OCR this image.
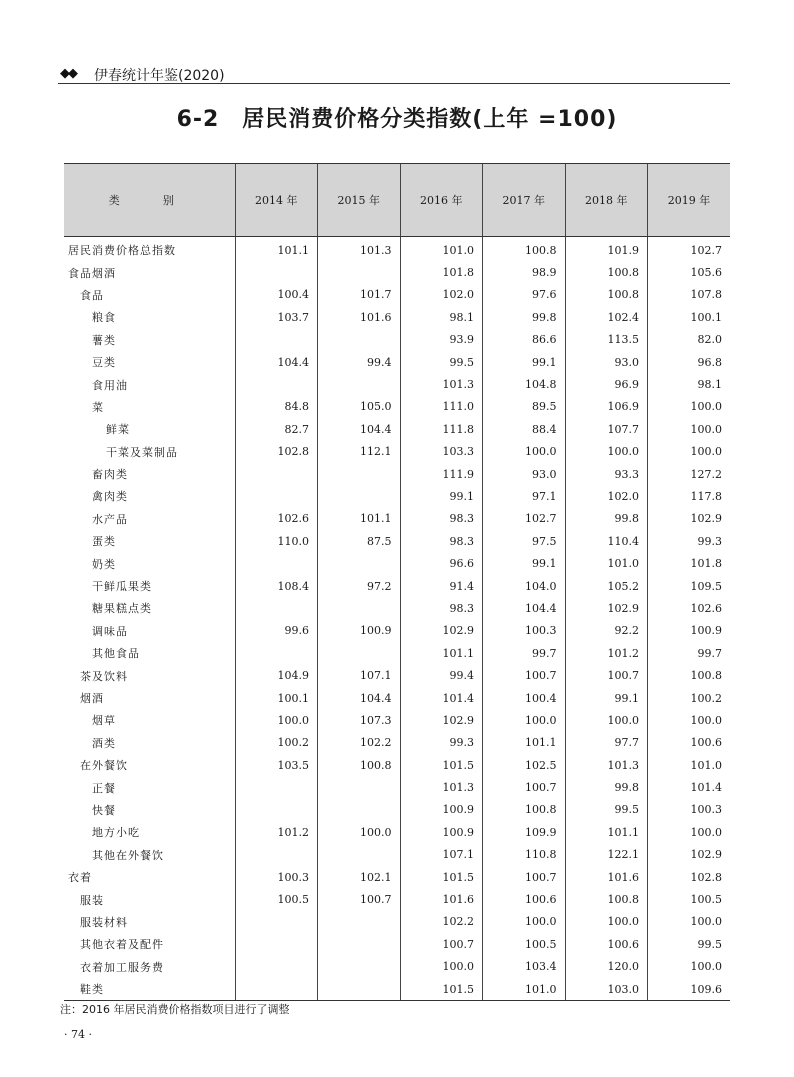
◆◆ 伊春统计年鉴(2020)
6-2　居民消费价格分类指数(上年 =100)
类　别	2014 年	2015 年	2016 年	2017 年	2018 年	2019 年
居民消费价格总指数	101.1	101.3	101.0	100.8	101.9	102.7
食品烟酒			101.8	98.9	100.8	105.6
食品	100.4	101.7	102.0	97.6	100.8	107.8
粮食	103.7	101.6	98.1	99.8	102.4	100.1
薯类			93.9	86.6	113.5	82.0
豆类	104.4	99.4	99.5	99.1	93.0	96.8
食用油			101.3	104.8	96.9	98.1
菜	84.8	105.0	111.0	89.5	106.9	100.0
鲜菜	82.7	104.4	111.8	88.4	107.7	100.0
干菜及菜制品	102.8	112.1	103.3	100.0	100.0	100.0
畜肉类			111.9	93.0	93.3	127.2
禽肉类			99.1	97.1	102.0	117.8
水产品	102.6	101.1	98.3	102.7	99.8	102.9
蛋类	110.0	87.5	98.3	97.5	110.4	99.3
奶类			96.6	99.1	101.0	101.8
干鲜瓜果类	108.4	97.2	91.4	104.0	105.2	109.5
糖果糕点类			98.3	104.4	102.9	102.6
调味品	99.6	100.9	102.9	100.3	92.2	100.9
其他食品			101.1	99.7	101.2	99.7
茶及饮料	104.9	107.1	99.4	100.7	100.7	100.8
烟酒	100.1	104.4	101.4	100.4	99.1	100.2
烟草	100.0	107.3	102.9	100.0	100.0	100.0
酒类	100.2	102.2	99.3	101.1	97.7	100.6
在外餐饮	103.5	100.8	101.5	102.5	101.3	101.0
正餐			101.3	100.7	99.8	101.4
快餐			100.9	100.8	99.5	100.3
地方小吃	101.2	100.0	100.9	109.9	101.1	100.0
其他在外餐饮			107.1	110.8	122.1	102.9
衣着	100.3	102.1	101.5	100.7	101.6	102.8
服装	100.5	100.7	101.6	100.6	100.8	100.5
服装材料			102.2	100.0	100.0	100.0
其他衣着及配件			100.7	100.5	100.6	99.5
衣着加工服务费			100.0	103.4	120.0	100.0
鞋类			101.5	101.0	103.0	109.6
注：2016 年居民消费价格指数项目进行了调整
· 74 ·
